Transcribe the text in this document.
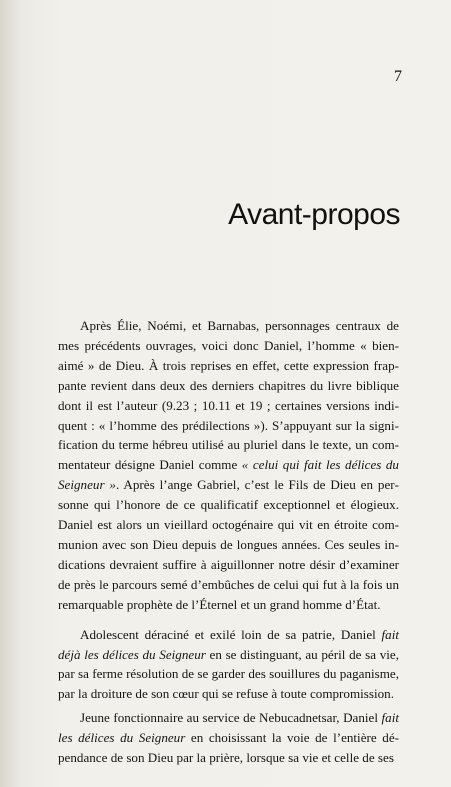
7
Avant-propos

Après Élie, Noémi, et Barnabas, personnages centraux de mes précédents ouvrages, voici donc Daniel, l’homme « bienaimé » de Dieu. À trois reprises en effet, cette expression frappante revient dans deux des derniers chapitres du livre biblique dont il est l’auteur (9.23 ; 10.11 et 19 ; certaines versions indiquent : « l’homme des prédilections »). S’appuyant sur la signification du terme hébreu utilisé au pluriel dans le texte, un commentateur désigne Daniel comme « celui qui fait les délices du Seigneur ». Après l’ange Gabriel, c’est le Fils de Dieu en personne qui l’honore de ce qualificatif exceptionnel et élogieux. Daniel est alors un vieillard octogénaire qui vit en étroite communion avec son Dieu depuis de longues années. Ces seules indications devraient suffire à aiguillonner notre désir d’examiner de près le parcours semé d’embûches de celui qui fut à la fois un remarquable prophète de l’Éternel et un grand homme d’État.

Adolescent déraciné et exilé loin de sa patrie, Daniel fait déjà les délices du Seigneur en se distinguant, au péril de sa vie, par sa ferme résolution de se garder des souillures du paganisme, par la droiture de son cœur qui se refuse à toute compromission.

Jeune fonctionnaire au service de Nebucadnetsar, Daniel fait les délices du Seigneur en choisissant la voie de l’entière dépendance de son Dieu par la prière, lorsque sa vie et celle de ses
